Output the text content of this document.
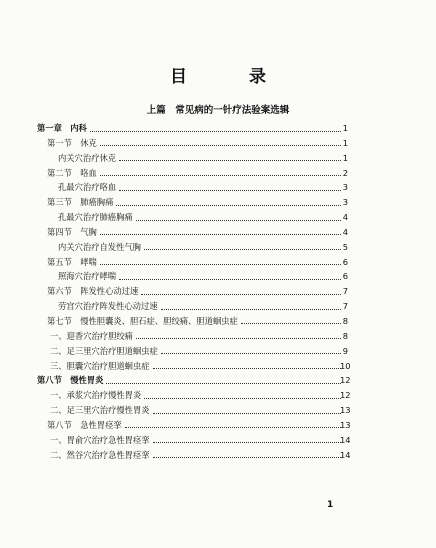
目 录
上篇　常见病的一针疗法验案选辑
第一章　内科	1
第一节　休克	1
内关穴治疗休克	1
第二节　咯血	2
孔最穴治疗咯血	3
第三节　肺癌胸痛	3
孔最穴治疗肺癌胸痛	4
第四节　气胸	4
内关穴治疗自发性气胸	5
第五节　哮喘	6
照海穴治疗哮喘	6
第六节　阵发性心动过速	7
劳宫穴治疗阵发性心动过速	7
第七节　慢性胆囊炎、胆石症、胆绞痛、胆道蛔虫症	8
一、迎香穴治疗胆绞痛	8
二、足三里穴治疗胆道蛔虫症	9
三、胆囊穴治疗胆道蛔虫症	10
第八节　慢性胃炎	12
一、承浆穴治疗慢性胃炎	12
二、足三里穴治疗慢性胃炎	13
第八节　急性胃痉挛	13
一、胃俞穴治疗急性胃痉挛	14
二、然谷穴治疗急性胃痉挛	14
1
